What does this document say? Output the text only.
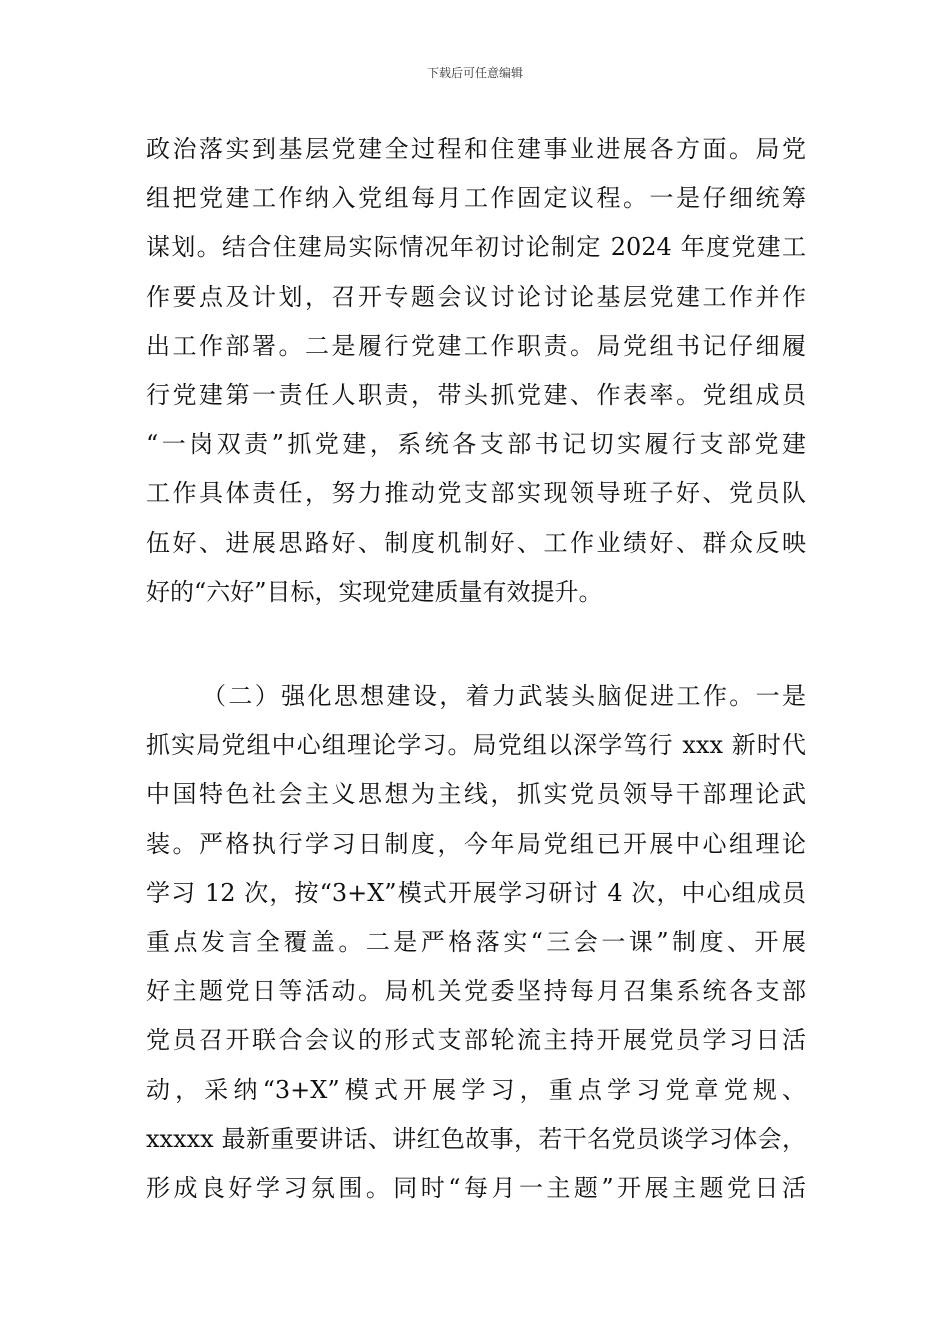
下载后可任意编辑
政治落实到基层党建全过程和住建事业进展各方面。局党
组把党建工作纳入党组每月工作固定议程。一是仔细统筹
谋划。结合住建局实际情况年初讨论制定 2024 年度党建工
作要点及计划，召开专题会议讨论讨论基层党建工作并作
出工作部署。二是履行党建工作职责。局党组书记仔细履
行党建第一责任人职责，带头抓党建、作表率。党组成员
“一岗双责”抓党建，系统各支部书记切实履行支部党建
工作具体责任，努力推动党支部实现领导班子好、党员队
伍好、进展思路好、制度机制好、工作业绩好、群众反映
好的“六好”目标，实现党建质量有效提升。
（二）强化思想建设，着力武装头脑促进工作。一是
抓实局党组中心组理论学习。局党组以深学笃行 xxx 新时代
中国特色社会主义思想为主线，抓实党员领导干部理论武
装。严格执行学习日制度，今年局党组已开展中心组理论
学习 12 次，按“3+X”模式开展学习研讨 4 次，中心组成员
重点发言全覆盖。二是严格落实“三会一课”制度、开展
好主题党日等活动。局机关党委坚持每月召集系统各支部
党员召开联合会议的形式支部轮流主持开展党员学习日活
动，采纳“3+X”模式开展学习，重点学习党章党规、
xxxxx 最新重要讲话、讲红色故事，若干名党员谈学习体会，
形成良好学习氛围。同时“每月一主题”开展主题党日活
